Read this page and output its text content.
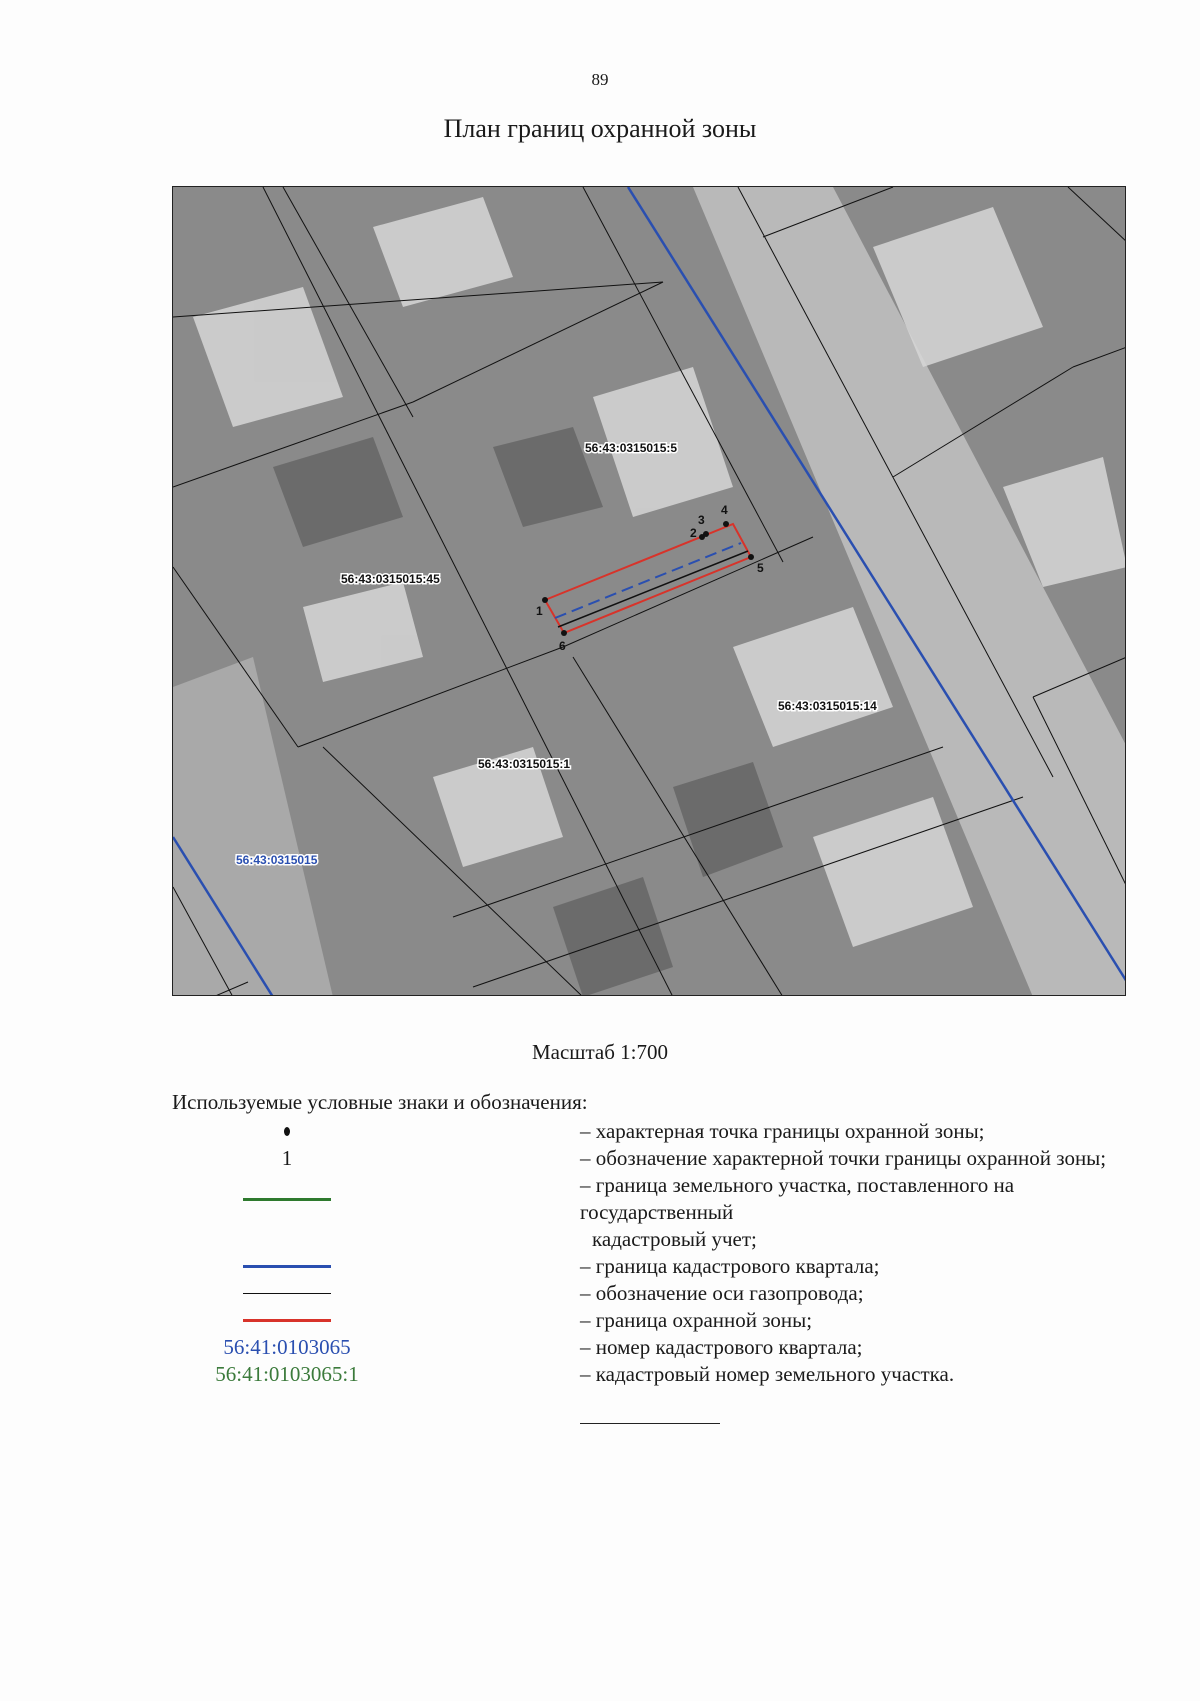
89
План границ охранной зоны
1
2
3
4
5
6
56:43:0315015:5
56:43:0315015:45
56:43:0315015:14
56:43:0315015:1
56:43:0315015
Масштаб 1:700
Используемые условные знаки и обозначения:
– характерная точка границы охранной зоны;
1	– обозначение характерной точки границы охранной зоны;
– граница земельного участка, поставленного на государственный
кадастровый учет;
– граница кадастрового квартала;
– обозначение оси газопровода;
– граница охранной зоны;
56:41:0103065	– номер кадастрового квартала;
56:41:0103065:1	– кадастровый номер земельного участка.
